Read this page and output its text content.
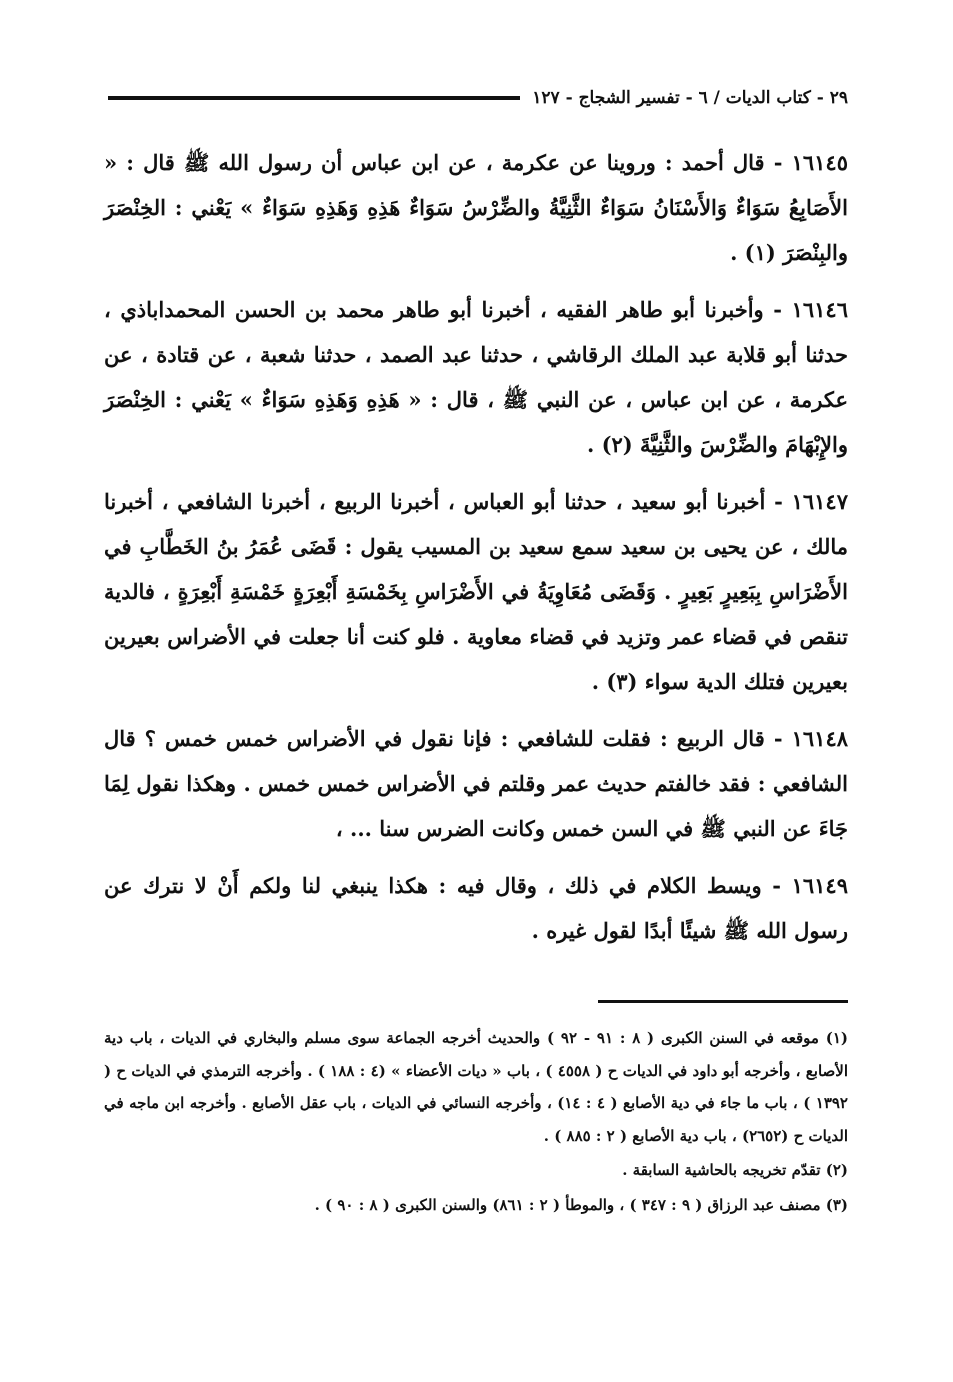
٢٩ - كتاب الديات / ٦ - تفسير الشجاج - ١٢٧

١٦١٤٥ - قال أحمد : وروينا عن عكرمة ، عن ابن عباس أن رسول الله ﷺ قال : « الأَصَابِعُ سَوَاءٌ وَالأَسْنَانُ سَوَاءٌ الثَّنِيَّةُ والضِّرْسُ سَوَاءٌ هَذِهِ وَهَذِهِ سَوَاءٌ » يَعْني : الخِنْصَرَ والبِنْصَرَ (١) .

١٦١٤٦ - وأخبرنا أبو طاهر الفقيه ، أخبرنا أبو طاهر محمد بن الحسن المحمداباذي ، حدثنا أبو قلابة عبد الملك الرقاشي ، حدثنا عبد الصمد ، حدثنا شعبة ، عن قتادة ، عن عكرمة ، عن ابن عباس ، عن النبي ﷺ ، قال : « هَذِهِ وَهَذِهِ سَوَاءٌ » يَعْني : الخِنْصَرَ والإِبْهَامَ والضِّرْسَ والثَّنِيَّةَ (٢) .

١٦١٤٧ - أخبرنا أبو سعيد ، حدثنا أبو العباس ، أخبرنا الربيع ، أخبرنا الشافعي ، أخبرنا مالك ، عن يحيى بن سعيد سمع سعيد بن المسيب يقول : قَضَى عُمَرُ بنُ الخَطَّابِ في الأَضْرَاسِ بِبَعِيرٍ بَعِيرٍ . وَقَضَى مُعَاوِيَةُ في الأَضْرَاسِ بِخَمْسَةِ أَبْعِرَةٍ خَمْسَةِ أَبْعِرَةٍ ، فالدية تنقص في قضاء عمر وتزيد في قضاء معاوية . فلو كنت أنا جعلت في الأضراس بعيرين بعيرين فتلك الدية سواء (٣) .

١٦١٤٨ - قال الربيع : فقلت للشافعي : فإنا نقول في الأضراس خمس خمس ؟ قال الشافعي : فقد خالفتم حديث عمر وقلتم في الأضراس خمس خمس . وهكذا نقول لِمَا جَاءَ عن النبي ﷺ في السن خمس وكانت الضرس سنا ... ،

١٦١٤٩ - ويسط الكلام في ذلك ، وقال فيه : هكذا ينبغي لنا ولكم أَنْ لا نترك عن رسول الله ﷺ شيئًا أبدًا لقول غيره .

(١) موقعه في السنن الكبرى ( ٨ : ٩١ - ٩٢ ) والحديث أخرجه الجماعة سوى مسلم والبخاري في الديات ، باب دية الأصابع ، وأخرجه أبو داود في الديات ح ( ٤٥٥٨ ) ، باب « ديات الأعضاء » (٤ : ١٨٨ ) . وأخرجه الترمذي في الديات ح ( ١٣٩٢ ) ، باب ما جاء في دية الأصابع ( ٤ : ١٤) ، وأخرجه النسائي في الديات ، باب عقل الأصابع . وأخرجه ابن ماجه في الديات ح (٢٦٥٢) ، باب دية الأصابع ( ٢ : ٨٨٥ ) .

(٢) تقدّم تخريجه بالحاشية السابقة .

(٣) مصنف عبد الرزاق ( ٩ : ٣٤٧ ) ، والموطأ ( ٢ : ٨٦١) والسنن الكبرى ( ٨ : ٩٠ ) .
